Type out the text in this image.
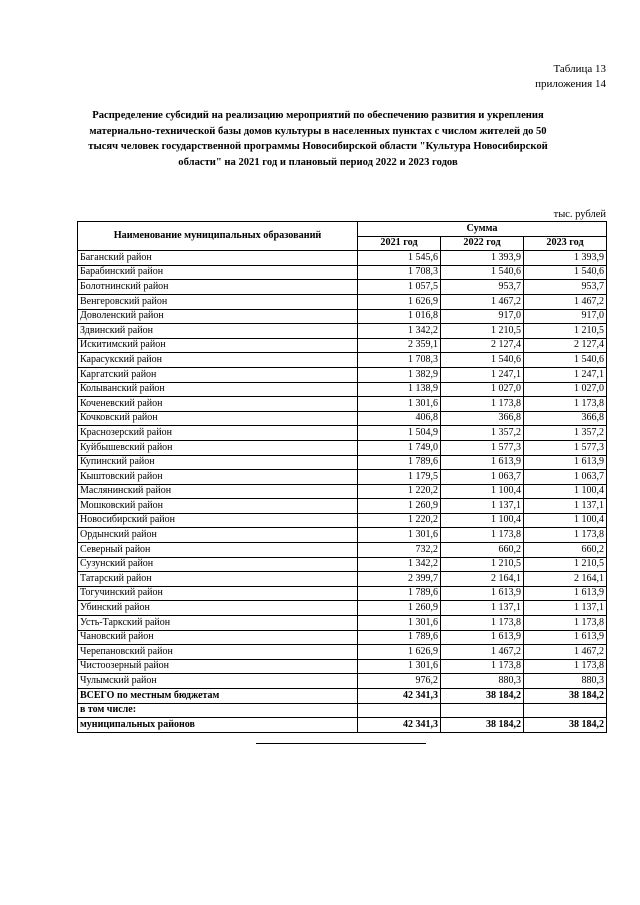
Таблица 13
приложения 14
Распределение субсидий на реализацию мероприятий по обеспечению развития и укрепления материально-технической базы домов культуры в населенных пунктах с числом жителей до 50 тысяч человек государственной программы Новосибирской области "Культура Новосибирской области" на 2021 год и плановый период 2022 и 2023 годов
тыс. рублей
Наименование муниципальных образований	Сумма		
	2021 год	2022 год	2023 год
Баганский район	1 545,6	1 393,9	1 393,9
Барабинский район	1 708,3	1 540,6	1 540,6
Болотнинский район	1 057,5	953,7	953,7
Венгеровский район	1 626,9	1 467,2	1 467,2
Доволенский район	1 016,8	917,0	917,0
Здвинский район	1 342,2	1 210,5	1 210,5
Искитимский район	2 359,1	2 127,4	2 127,4
Карасукский район	1 708,3	1 540,6	1 540,6
Каргатский район	1 382,9	1 247,1	1 247,1
Колыванский район	1 138,9	1 027,0	1 027,0
Коченевский район	1 301,6	1 173,8	1 173,8
Кочковский район	406,8	366,8	366,8
Краснозерский район	1 504,9	1 357,2	1 357,2
Куйбышевский район	1 749,0	1 577,3	1 577,3
Купинский район	1 789,6	1 613,9	1 613,9
Кыштовский район	1 179,5	1 063,7	1 063,7
Маслянинский район	1 220,2	1 100,4	1 100,4
Мошковский район	1 260,9	1 137,1	1 137,1
Новосибирский район	1 220,2	1 100,4	1 100,4
Ордынский район	1 301,6	1 173,8	1 173,8
Северный район	732,2	660,2	660,2
Сузунский район	1 342,2	1 210,5	1 210,5
Татарский район	2 399,7	2 164,1	2 164,1
Тогучинский район	1 789,6	1 613,9	1 613,9
Убинский район	1 260,9	1 137,1	1 137,1
Усть-Таркский район	1 301,6	1 173,8	1 173,8
Чановский район	1 789,6	1 613,9	1 613,9
Черепановский район	1 626,9	1 467,2	1 467,2
Чистоозерный район	1 301,6	1 173,8	1 173,8
Чулымский район	976,2	880,3	880,3
ВСЕГО по местным бюджетам	42 341,3	38 184,2	38 184,2
в том числе:			
муниципальных районов	42 341,3	38 184,2	38 184,2
